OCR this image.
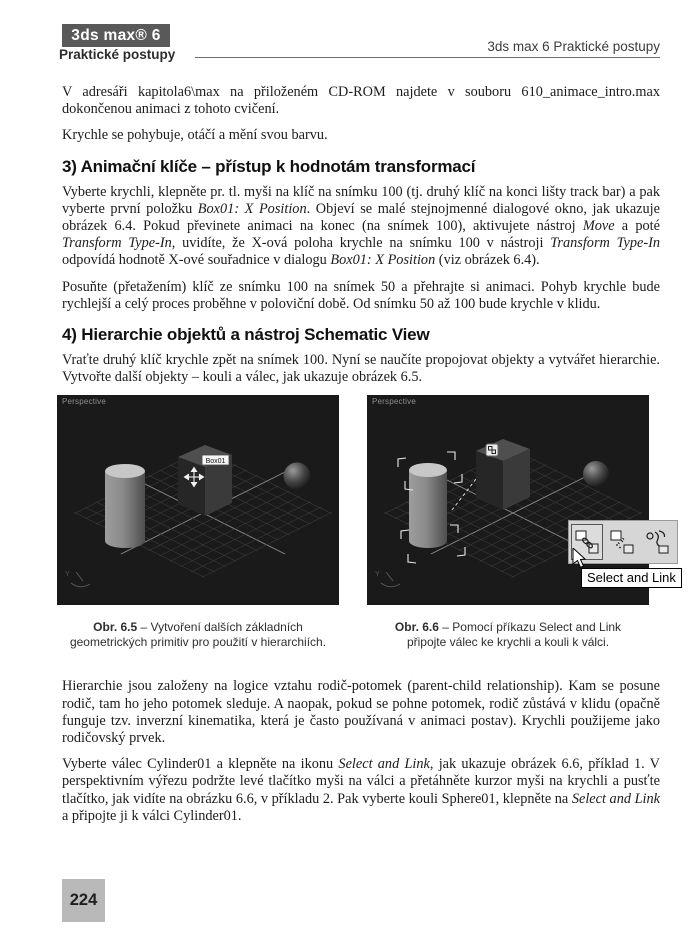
3ds max® 6
Praktické postupy
3ds max 6 Praktické postupy

V adresáři kapitola6\max na přiloženém CD-ROM najdete v souboru 610_animace_intro.max dokončenou animaci z tohoto cvičení.

Krychle se pohybuje, otáčí a mění svou barvu.

3) Animační klíče – přístup k hodnotám transformací

Vyberte krychli, klepněte pr. tl. myši na klíč na snímku 100 (tj. druhý klíč na konci lišty track bar) a pak vyberte první položku Box01: X Position. Objeví se malé stejnojmenné dialogové okno, jak ukazuje obrázek 6.4. Pokud převinete animaci na konec (na snímek 100), aktivujete nástroj Move a poté Transform Type-In, uvidíte, že X-ová poloha krychle na snímku 100 v nástroji Transform Type-In odpovídá hodnotě X-ové souřadnice v dialogu Box01: X Position (viz obrázek 6.4).

Posuňte (přetažením) klíč ze snímku 100 na snímek 50 a přehrajte si animaci. Pohyb krychle bude rychlejší a celý proces proběhne v poloviční době. Od snímku 50 až 100 bude krychle v klidu.

4) Hierarchie objektů a nástroj Schematic View

Vraťte druhý klíč krychle zpět na snímek 100. Nyní se naučíte propojovat objekty a vytvářet hierarchie. Vytvořte další objekty – kouli a válec, jak ukazuje obrázek 6.5.

Box01
Y
Perspective
Y
Perspective
Select and Link
Obr. 6.5 – Vytvoření dalších základních geometrických primitiv pro použití v hierarchiích.
Obr. 6.6 – Pomocí příkazu Select and Link připojte válec ke krychli a kouli k válci.

Hierarchie jsou založeny na logice vztahu rodič-potomek (parent-child relationship). Kam se posune rodič, tam ho jeho potomek sleduje. A naopak, pokud se pohne potomek, rodič zůstává v klidu (opačně funguje tzv. inverzní kinematika, která je často používaná v animaci postav). Krychli použijeme jako rodičovský prvek.

Vyberte válec Cylinder01 a klepněte na ikonu Select and Link, jak ukazuje obrázek 6.6, příklad 1. V perspektivním výřezu podržte levé tlačítko myši na válci a přetáhněte kurzor myši na krychli a pusťte tlačítko, jak vidíte na obrázku 6.6, v příkladu 2. Pak vyberte kouli Sphere01, klepněte na Select and Link a připojte ji k válci Cylinder01.

224
